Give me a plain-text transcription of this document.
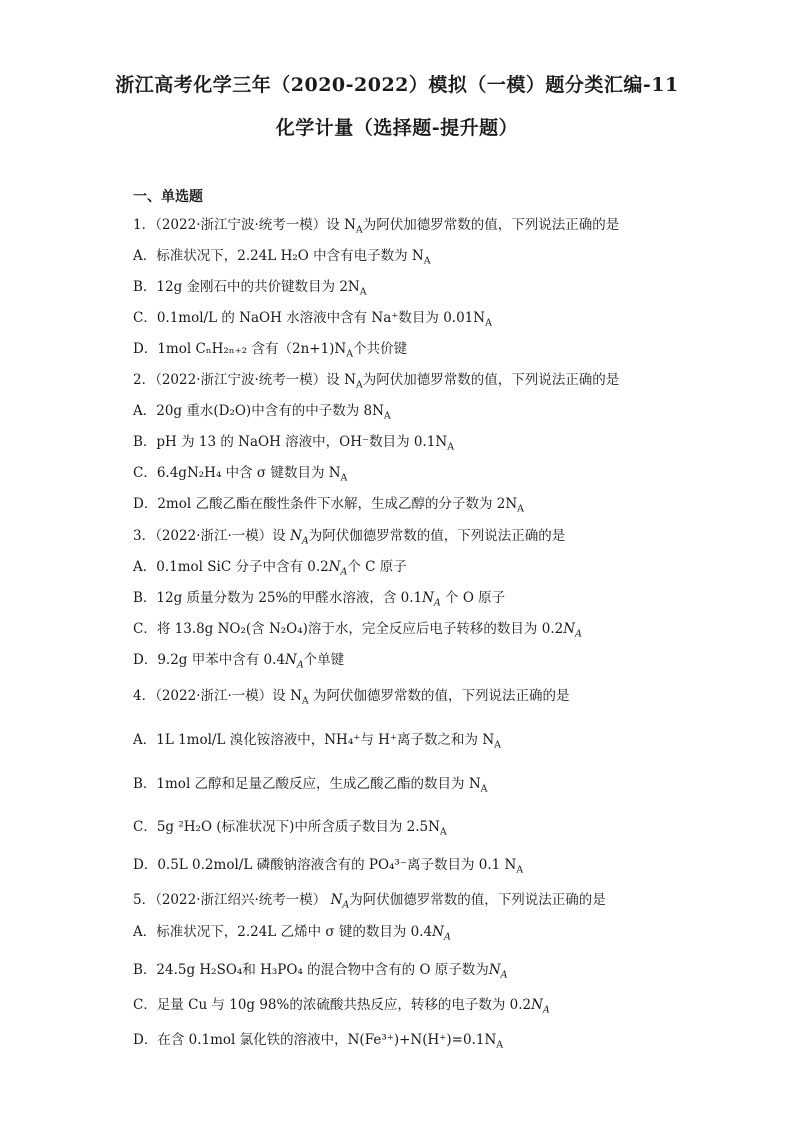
浙江高考化学三年（2020-2022）模拟（一模）题分类汇编-11
化学计量（选择题-提升题）
一、单选题
1．（2022·浙江宁波·统考一模）设 $N_A$为阿伏加德罗常数的值，下列说法正确的是
A．标准状况下，2.24L H₂O 中含有电子数为 $N_A$
B．12g 金刚石中的共价键数目为 $2N_A$
C．0.1mol/L 的 NaOH 水溶液中含有 Na⁺数目为 $0.01N_A$
D．1mol CₙH₂ₙ₊₂ 含有$(2n+1)N_A$个共价键
2．（2022·浙江宁波·统考一模）设 $N_A$为阿伏加德罗常数的值，下列说法正确的是
A．20g 重水(D₂O)中含有的中子数为 $8N_A$
B．pH 为 13 的 NaOH 溶液中，OH⁻数目为 $0.1N_A$
C．6.4gN₂H₄ 中含 σ 键数目为 $N_A$
D．2mol 乙酸乙酯在酸性条件下水解，生成乙醇的分子数为 $2N_A$
3．（2022·浙江·一模）设 $N_A$为阿伏伽德罗常数的值，下列说法正确的是
A．0.1mol SiC 分子中含有 $0.2N_A$个 C 原子
B．12g 质量分数为 25%的甲醛水溶液，含 $0.1N_A$ 个 O 原子
C．将 13.8g NO₂(含 N₂O₄)溶于水，完全反应后电子转移的数目为 $0.2N_A$
D．9.2g 甲苯中含有 $0.4N_A$个单键
4．（2022·浙江·一模）设 $N_A$ 为阿伏伽德罗常数的值，下列说法正确的是
A．1L 1mol/L 溴化铵溶液中，NH₄⁺与 H⁺离子数之和为 $N_A$
B．1mol 乙醇和足量乙酸反应，生成乙酸乙酯的数目为 $N_A$
C．5g ²H₂O (标准状况下)中所含质子数目为 $2.5N_A$
D．0.5L 0.2mol/L 磷酸钠溶液含有的 PO₄³⁻离子数目为 0.1 $N_A$
5．（2022·浙江绍兴·统考一模） $N_A$为阿伏伽德罗常数的值，下列说法正确的是
A．标准状况下，2.24L 乙烯中 σ 键的数目为 $0.4N_A$
B．24.5g H₂SO₄和 H₃PO₄ 的混合物中含有的 O 原子数为$N_A$
C．足量 Cu 与 10g 98%的浓硫酸共热反应，转移的电子数为 $0.2N_A$
D．在含 0.1mol 氯化铁的溶液中，$N(Fe^{3+})+N(H^+)=0.1N_A$
